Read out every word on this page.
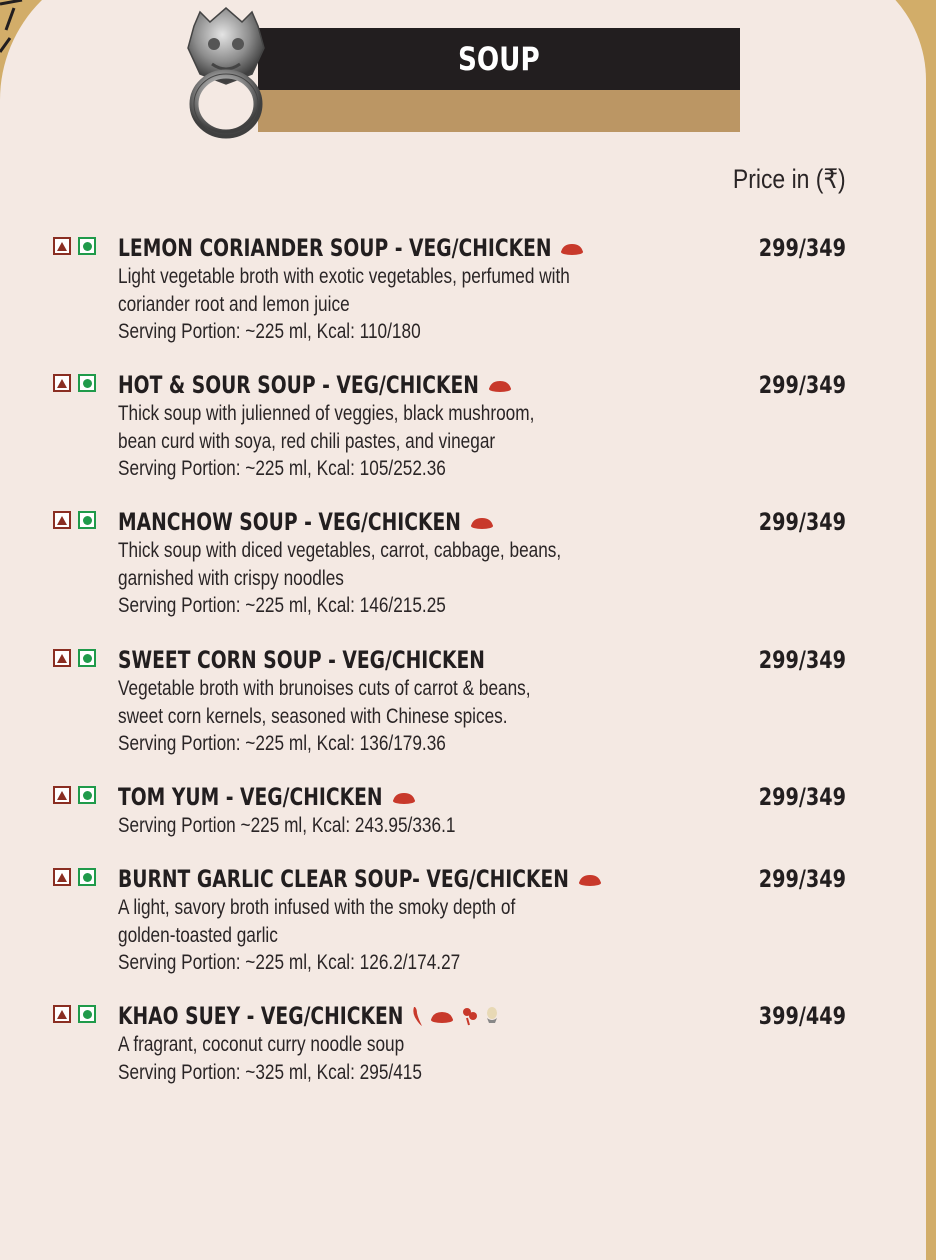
SOUP
Price in (₹)
LEMON CORIANDER SOUP - VEG/CHICKEN
Light vegetable broth with exotic vegetables, perfumed with
coriander root and lemon juice
Serving Portion: ~225 ml, Kcal: 110/180
299/349
HOT & SOUR SOUP - VEG/CHICKEN
Thick soup with julienned of veggies, black mushroom,
bean curd with soya, red chili pastes, and vinegar
Serving Portion: ~225 ml, Kcal: 105/252.36
299/349
MANCHOW SOUP - VEG/CHICKEN
Thick soup with diced vegetables, carrot, cabbage, beans,
garnished with crispy noodles
Serving Portion: ~225 ml, Kcal: 146/215.25
299/349
SWEET CORN SOUP - VEG/CHICKEN
Vegetable broth with brunoises cuts of carrot & beans,
sweet corn kernels, seasoned with Chinese spices.
Serving Portion: ~225 ml, Kcal: 136/179.36
299/349
TOM YUM - VEG/CHICKEN
Serving Portion ~225 ml, Kcal: 243.95/336.1
299/349
BURNT GARLIC CLEAR SOUP- VEG/CHICKEN
A light, savory broth infused with the smoky depth of
golden-toasted garlic
Serving Portion: ~225 ml, Kcal: 126.2/174.27
299/349
KHAO SUEY - VEG/CHICKEN
A fragrant, coconut curry noodle soup
Serving Portion: ~325 ml, Kcal: 295/415
399/449
